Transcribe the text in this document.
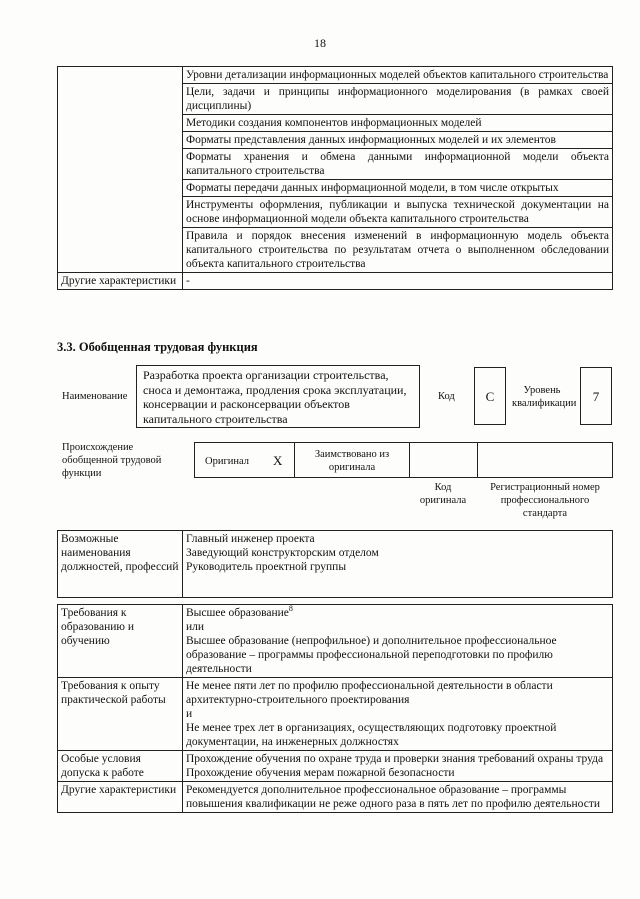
18
	Уровни детализации информационных моделей объектов капитального строительства
	Цели, задачи и принципы информационного моделирования (в рамках своей дисциплины)
	Методики создания компонентов информационных моделей
	Форматы представления данных информационных моделей и их элементов
	Форматы хранения и обмена данными информационной модели объекта капитального строительства
	Форматы передачи данных информационной модели, в том числе открытых
	Инструменты оформления, публикации и выпуска технической документации на основе информационной модели объекта капитального строительства
	Правила и порядок внесения изменений в информационную модель объекта капитального строительства по результатам отчета о выполненном обследовании объекта капитального строительства
Другие характеристики	-
3.3. Обобщенная трудовая функция
Наименование
Разработка проекта организации строительства, сноса и демонтажа, продления срока эксплуатации, консервации и расконсервации объектов капитального строительства
Код	C	Уровень квалификации	7
Происхождение обобщенной трудовой функции
Оригинал X	Заимствовано из оригинала
Код оригинала
Регистрационный номер профессионального стандарта
Возможные наименования должностей, профессий	
Главный инженер проекта
Заведующий конструкторским отделом
Руководитель проектной группы
Требования к образованию и обучению	Высшее образование$^8$
или
Высшее образование (непрофильное) и дополнительное профессиональное образование – программы профессиональной переподготовки по профилю деятельности

Требования к опыту практической работы	Не менее пяти лет по профилю профессиональной деятельности в области архитектурно-строительного проектирования
и
Не менее трех лет в организациях, осуществляющих подготовку проектной документации, на инженерных должностях

Особые условия допуска к работе	Прохождение обучения по охране труда и проверки знания требований охраны труда
Прохождение обучения мерам пожарной безопасности

Другие характеристики	Рекомендуется дополнительное профессиональное образование – программы повышения квалификации не реже одного раза в пять лет по профилю деятельности
